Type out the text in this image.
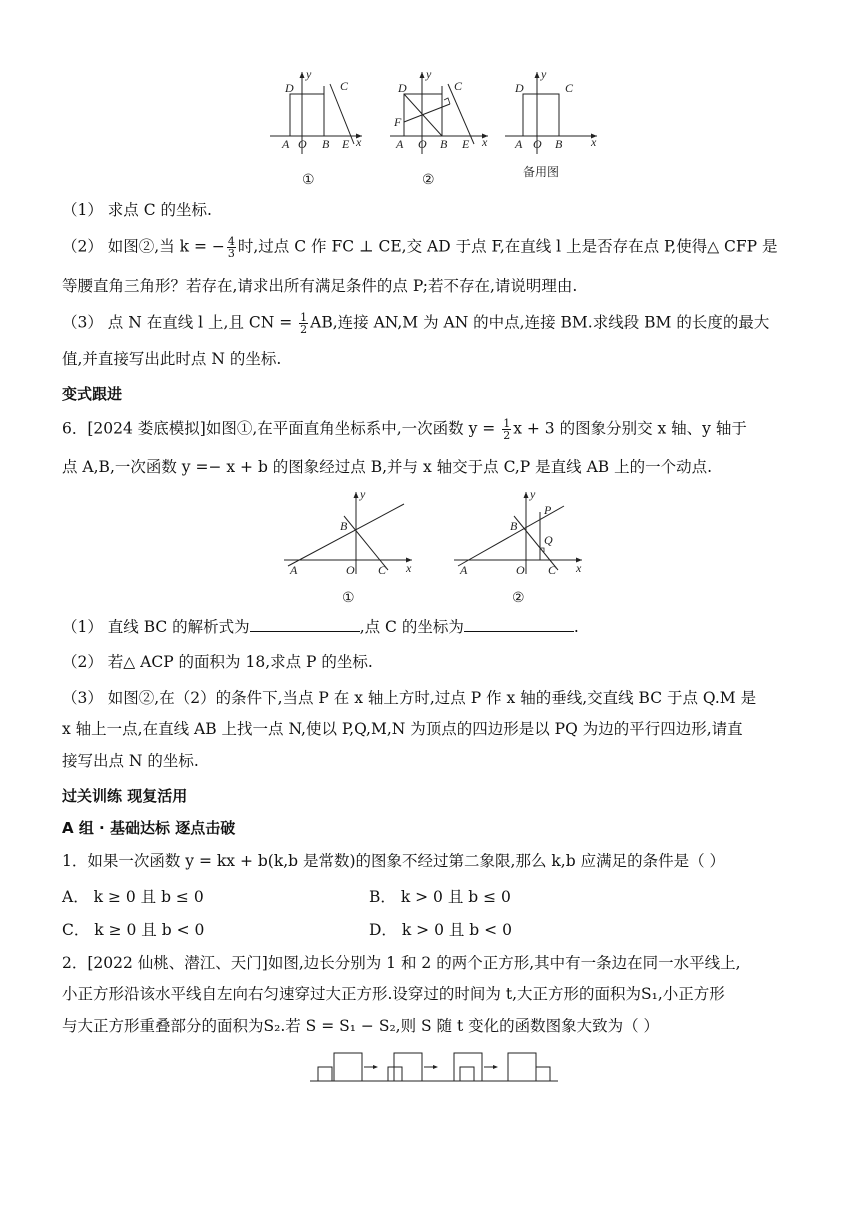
y
D	C
A O B E x
①
y
D	C
F
A O B E x
②
y
D	C
A O B x
备用图
（1） 求点 C 的坐标.
（2） 如图②,当 k = − $\frac{4}{3}$ 时,过点 C 作 FC ⊥ CE,交 AD 于点 F,在直线 l 上是否存在点 P,使得△ CFP 是
等腰直角三角形？若存在,请求出所有满足条件的点 P;若不存在,请说明理由.
（3） 点 N 在直线 l 上,且 CN = $\frac{1}{2}$ AB,连接 AN,M 为 AN 的中点,连接 BM.求线段 BM 的长度的最大
值,并直接写出此时点 N 的坐标.
变式跟进
6．[2024 娄底模拟]如图①,在平面直角坐标系中,一次函数 $y = \frac{1}{2}$ x + 3 的图象分别交 x 轴、y 轴于
点 A,B,一次函数 y =− x + b 的图象经过点 B,并与 x 轴交于点 C,P 是直线 AB 上的一个动点.
y
B
A	O C x
①
y
B
P
Q
A	O C x
②
（1） 直线 BC 的解析式为	,点 C 的坐标为	.
（2） 若△ ACP 的面积为 18,求点 P 的坐标.
（3） 如图②,在（2）的条件下,当点 P 在 x 轴上方时,过点 P 作 x 轴的垂线,交直线 BC 于点 Q.M 是
x 轴上一点,在直线 AB 上找一点 N,使以 P,Q,M,N 为顶点的四边形是以 PQ 为边的平行四边形,请直
接写出点 N 的坐标.
过关训练 现复活用
A 组 · 基础达标 逐点击破
1．如果一次函数 y = kx + b(k,b 是常数)的图象不经过第二象限,那么 k,b 应满足的条件是（ ）
A． k ≥ 0 且 b ≤ 0	B． k > 0 且 b ≤ 0
C． k ≥ 0 且 b < 0	D． k > 0 且 b < 0
2．[2022 仙桃、潜江、天门]如图,边长分别为 1 和 2 的两个正方形,其中有一条边在同一水平线上,
小正方形沿该水平线自左向右匀速穿过大正方形.设穿过的时间为 t,大正方形的面积为S₁,小正方形
与大正方形重叠部分的面积为S₂.若 S = S₁ − S₂,则 S 随 t 变化的函数图象大致为（ ）
